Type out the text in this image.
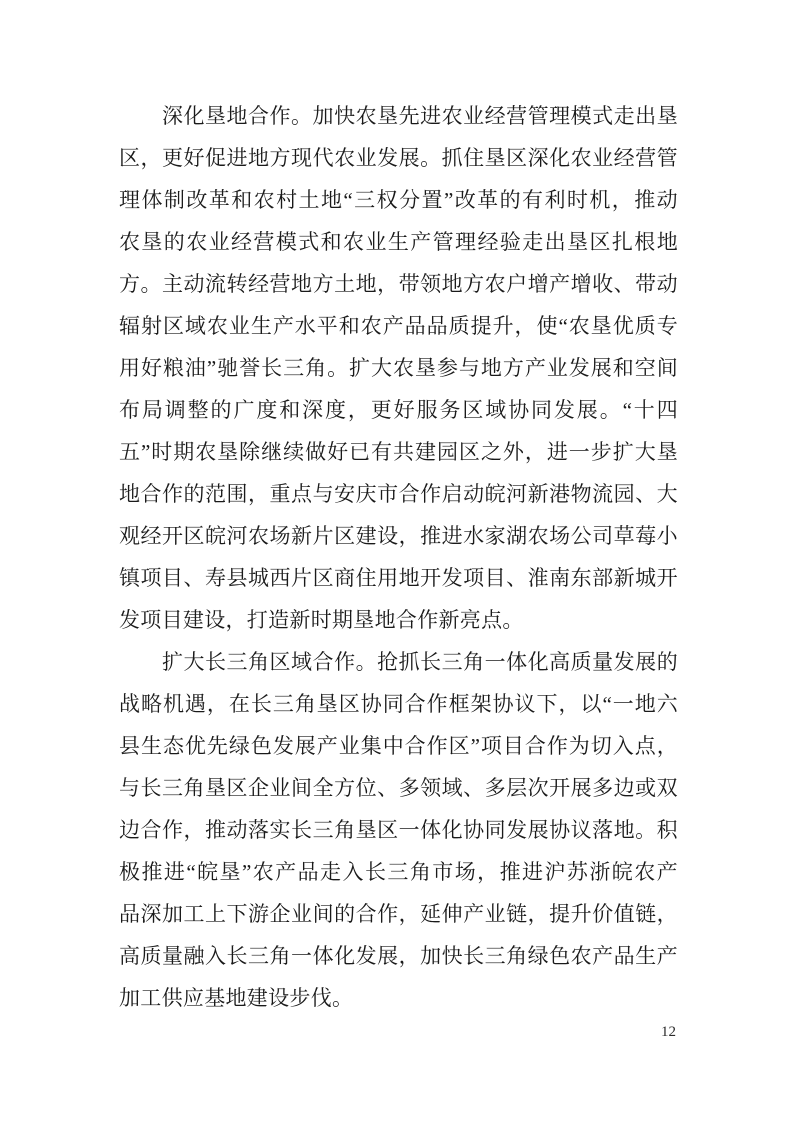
深化垦地合作。加快农垦先进农业经营管理模式走出垦
区，更好促进地方现代农业发展。抓住垦区深化农业经营管
理体制改革和农村土地“三权分置”改革的有利时机，推动
农垦的农业经营模式和农业生产管理经验走出垦区扎根地
方。主动流转经营地方土地，带领地方农户增产增收、带动
辐射区域农业生产水平和农产品品质提升，使“农垦优质专
用好粮油”驰誉长三角。扩大农垦参与地方产业发展和空间
布局调整的广度和深度，更好服务区域协同发展。“十四
五”时期农垦除继续做好已有共建园区之外，进一步扩大垦
地合作的范围，重点与安庆市合作启动皖河新港物流园、大
观经开区皖河农场新片区建设，推进水家湖农场公司草莓小
镇项目、寿县城西片区商住用地开发项目、淮南东部新城开
发项目建设，打造新时期垦地合作新亮点。
扩大长三角区域合作。抢抓长三角一体化高质量发展的
战略机遇，在长三角垦区协同合作框架协议下，以“一地六
县生态优先绿色发展产业集中合作区”项目合作为切入点，
与长三角垦区企业间全方位、多领域、多层次开展多边或双
边合作，推动落实长三角垦区一体化协同发展协议落地。积
极推进“皖垦”农产品走入长三角市场，推进沪苏浙皖农产
品深加工上下游企业间的合作，延伸产业链，提升价值链，
高质量融入长三角一体化发展，加快长三角绿色农产品生产
加工供应基地建设步伐。
12
